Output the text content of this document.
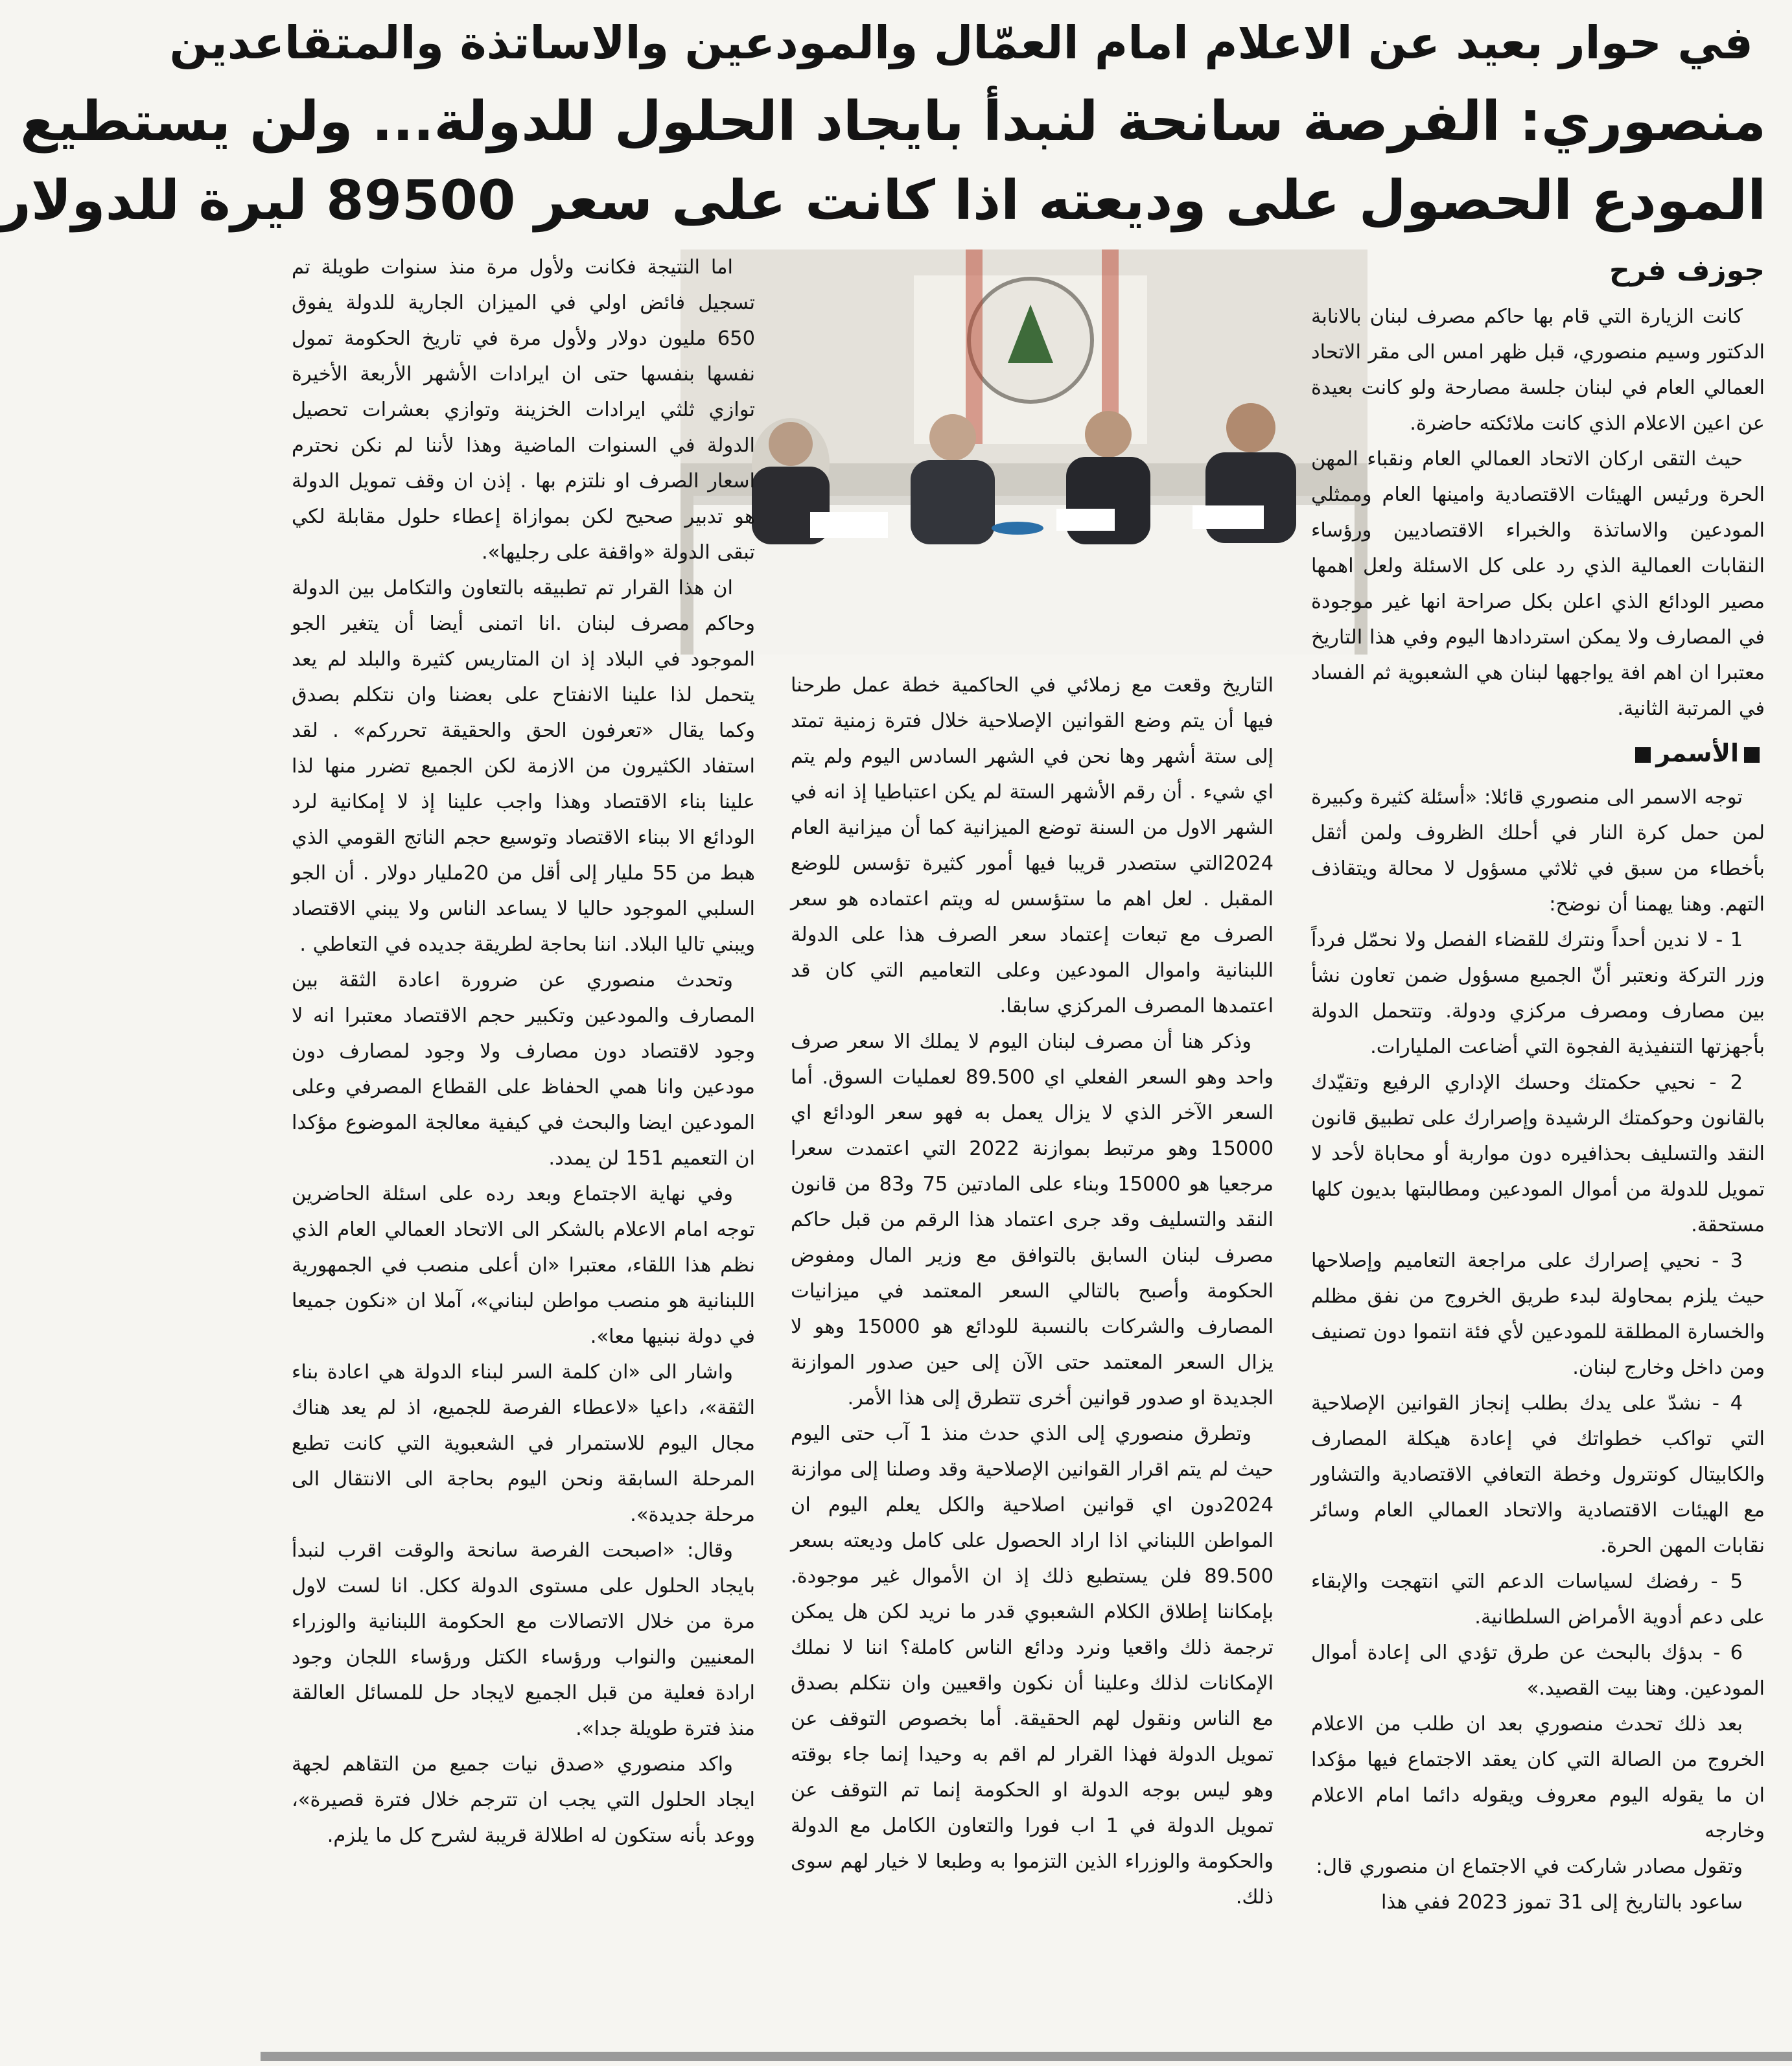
في حوار بعيد عن الاعلام امام العمّال والمودعين والاساتذة والمتقاعدين
منصوري: الفرصة سانحة لنبدأ بايجاد الحلول للدولة... ولن يستطيع
المودع الحصول على وديعته اذا كانت على سعر 89500 ليرة للدولار

جوزف فرح

كانت الزيارة التي قام بها حاكم مصرف لبنان بالانابة الدكتور وسيم منصوري، قبل ظهر امس الى مقر الاتحاد العمالي العام في لبنان جلسة مصارحة ولو كانت بعيدة عن اعين الاعلام الذي كانت ملائكته حاضرة.

حيث التقى اركان الاتحاد العمالي العام ونقباء المهن الحرة ورئيس الهيئات الاقتصادية وامينها العام وممثلي المودعين والاساتذة والخبراء الاقتصاديين ورؤساء النقابات العمالية الذي رد على كل الاسئلة ولعل اهمها مصير الودائع الذي اعلن بكل صراحة انها غير موجودة في المصارف ولا يمكن استردادها اليوم وفي هذا التاريخ معتبرا ان اهم افة يواجهها لبنان هي الشعبوية ثم الفساد في المرتبة الثانية.

الأسمر

توجه الاسمر الى منصوري قائلا: «أسئلة كثيرة وكبيرة لمن حمل كرة النار في أحلك الظروف ولمن أثقل بأخطاء من سبق في ثلاثي مسؤول لا محالة ويتقاذف التهم. وهنا يهمنا أن نوضح:

1 - لا ندين أحداً ونترك للقضاء الفصل ولا نحمّل فرداً وزر التركة ونعتبر أنّ الجميع مسؤول ضمن تعاون نشأ بين مصارف ومصرف مركزي ودولة. وتتحمل الدولة بأجهزتها التنفيذية الفجوة التي أضاعت المليارات.

2 - نحيي حكمتك وحسك الإداري الرفيع وتقيّدك بالقانون وحوكمتك الرشيدة وإصرارك على تطبيق قانون النقد والتسليف بحذافيره دون مواربة أو محاباة لأحد لا تمويل للدولة من أموال المودعين ومطالبتها بديون كلها مستحقة.

3 - نحيي إصرارك على مراجعة التعاميم وإصلاحها حيث يلزم بمحاولة لبدء طريق الخروج من نفق مظلم والخسارة المطلقة للمودعين لأي فئة انتموا دون تصنيف ومن داخل وخارج لبنان.

4 - نشدّ على يدك بطلب إنجاز القوانين الإصلاحية التي تواكب خطواتك في إعادة هيكلة المصارف والكابيتال كونترول وخطة التعافي الاقتصادية والتشاور مع الهيئات الاقتصادية والاتحاد العمالي العام وسائر نقابات المهن الحرة.

5 - رفضك لسياسات الدعم التي انتهجت والإبقاء على دعم أدوية الأمراض السلطانية.

6 - بدؤك بالبحث عن طرق تؤدي الى إعادة أموال المودعين. وهنا بيت القصيد.»

بعد ذلك تحدث منصوري بعد ان طلب من الاعلام الخروج من الصالة التي كان يعقد الاجتماع فيها مؤكدا ان ما يقوله اليوم معروف ويقوله دائما امام الاعلام وخارجه

وتقول مصادر شاركت في الاجتماع ان منصوري قال:

ساعود بالتاريخ إلى 31 تموز 2023 ففي هذا

التاريخ وقعت مع زملائي في الحاكمية خطة عمل طرحنا فيها أن يتم وضع القوانين الإصلاحية خلال فترة زمنية تمتد إلى ستة أشهر وها نحن في الشهر السادس اليوم ولم يتم اي شيء . أن رقم الأشهر الستة لم يكن اعتباطيا إذ انه في الشهر الاول من السنة توضع الميزانية كما أن ميزانية العام 2024التي ستصدر قريبا فيها أمور كثيرة تؤسس للوضع المقبل . لعل اهم ما ستؤسس له ويتم اعتماده هو سعر الصرف مع تبعات إعتماد سعر الصرف هذا على الدولة اللبنانية واموال المودعين وعلى التعاميم التي كان قد اعتمدها المصرف المركزي سابقا.

وذكر هنا أن مصرف لبنان اليوم لا يملك الا سعر صرف واحد وهو السعر الفعلي اي 89.500 لعمليات السوق. أما السعر الآخر الذي لا يزال يعمل به فهو سعر الودائع اي 15000 وهو مرتبط بموازنة 2022 التي اعتمدت سعرا مرجعيا هو 15000 وبناء على المادتين 75 و83 من قانون النقد والتسليف وقد جرى اعتماد هذا الرقم من قبل حاكم مصرف لبنان السابق بالتوافق مع وزير المال ومفوض الحكومة وأصبح بالتالي السعر المعتمد في ميزانيات المصارف والشركات بالنسبة للودائع هو 15000 وهو لا يزال السعر المعتمد حتى الآن إلى حين صدور الموازنة الجديدة او صدور قوانين أخرى تتطرق إلى هذا الأمر.

وتطرق منصوري إلى الذي حدث منذ 1 آب حتى اليوم حيث لم يتم اقرار القوانين الإصلاحية وقد وصلنا إلى موازنة 2024دون اي قوانين اصلاحية والكل يعلم اليوم ان المواطن اللبناني اذا اراد الحصول على كامل وديعته بسعر 89.500 فلن يستطيع ذلك إذ ان الأموال غير موجودة. بإمكاننا إطلاق الكلام الشعبوي قدر ما نريد لكن هل يمكن ترجمة ذلك واقعيا ونرد ودائع الناس كاملة؟ اننا لا نملك الإمكانات لذلك وعلينا أن نكون واقعيين وان نتكلم بصدق مع الناس ونقول لهم الحقيقة. أما بخصوص التوقف عن تمويل الدولة فهذا القرار لم اقم به وحيدا إنما جاء بوقته وهو ليس بوجه الدولة او الحكومة إنما تم التوقف عن تمويل الدولة في 1 اب فورا والتعاون الكامل مع الدولة والحكومة والوزراء الذين التزموا به وطبعا لا خيار لهم سوى ذلك.

اما النتيجة فكانت ولأول مرة منذ سنوات طويلة تم تسجيل فائض اولي في الميزان الجارية للدولة يفوق 650 مليون دولار ولأول مرة في تاريخ الحكومة تمول نفسها بنفسها حتى ان ايرادات الأشهر الأربعة الأخيرة توازي ثلثي ايرادات الخزينة وتوازي بعشرات تحصيل الدولة في السنوات الماضية وهذا لأننا لم نكن نحترم اسعار الصرف او نلتزم بها . إذن ان وقف تمويل الدولة هو تدبير صحيح لكن بموازاة إعطاء حلول مقابلة لكي تبقى الدولة «واقفة على رجليها».

ان هذا القرار تم تطبيقه بالتعاون والتكامل بين الدولة وحاكم مصرف لبنان .انا اتمنى أيضا أن يتغير الجو الموجود في البلاد إذ ان المتاريس كثيرة والبلد لم يعد يتحمل لذا علينا الانفتاح على بعضنا وان نتكلم بصدق وكما يقال «تعرفون الحق والحقيقة تحرركم» . لقد استفاد الكثيرون من الازمة لكن الجميع تضرر منها لذا علينا بناء الاقتصاد وهذا واجب علينا إذ لا إمكانية لرد الودائع الا ببناء الاقتصاد وتوسيع حجم الناتج القومي الذي هبط من 55 مليار إلى أقل من 20مليار دولار . أن الجو السلبي الموجود حاليا لا يساعد الناس ولا يبني الاقتصاد ويبني تاليا البلاد. اننا بحاجة لطريقة جديده في التعاطي .

وتحدث منصوري عن ضرورة اعادة الثقة بين المصارف والمودعين وتكبير حجم الاقتصاد معتبرا انه لا وجود لاقتصاد دون مصارف ولا وجود لمصارف دون مودعين وانا همي الحفاظ على القطاع المصرفي وعلى المودعين ايضا والبحث في كيفية معالجة الموضوع مؤكدا ان التعميم 151 لن يمدد.

وفي نهاية الاجتماع وبعد رده على اسئلة الحاضرين توجه امام الاعلام بالشكر الى الاتحاد العمالي العام الذي نظم هذا اللقاء، معتبرا «ان أعلى منصب في الجمهورية اللبنانية هو منصب مواطن لبناني»، آملا ان «نكون جميعا في دولة نبنيها معا».

واشار الى «ان كلمة السر لبناء الدولة هي اعادة بناء الثقة»، داعيا «لاعطاء الفرصة للجميع، اذ لم يعد هناك مجال اليوم للاستمرار في الشعبوية التي كانت تطبع المرحلة السابقة ونحن اليوم بحاجة الى الانتقال الى مرحلة جديدة».

وقال: «اصبحت الفرصة سانحة والوقت اقرب لنبدأ بايجاد الحلول على مستوى الدولة ككل. انا لست لاول مرة من خلال الاتصالات مع الحكومة اللبنانية والوزراء المعنيين والنواب ورؤساء الكتل ورؤساء اللجان وجود ارادة فعلية من قبل الجميع لايجاد حل للمسائل العالقة منذ فترة طويلة جدا».

واكد منصوري «صدق نيات جميع من التقاهم لجهة ايجاد الحلول التي يجب ان تترجم خلال فترة قصيرة»، ووعد بأنه ستكون له اطلالة قريبة لشرح كل ما يلزم.
